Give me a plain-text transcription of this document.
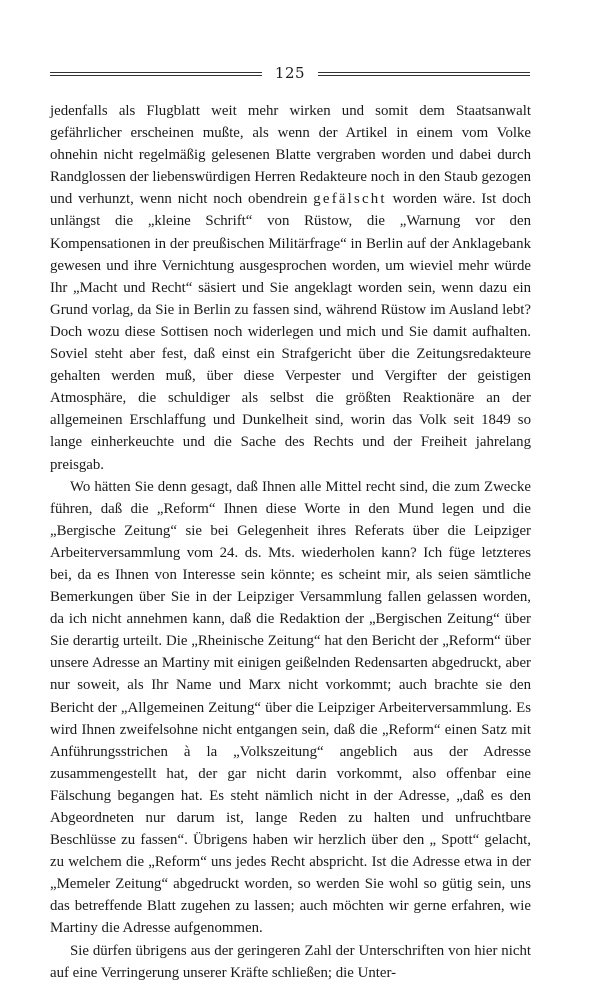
125

jedenfalls als Flugblatt weit mehr wirken und somit dem Staatsanwalt gefährlicher erscheinen mußte, als wenn der Artikel in einem vom Volke ohnehin nicht regelmäßig gelesenen Blatte vergraben worden und dabei durch Randglossen der liebenswürdigen Herren Redakteure noch in den Staub gezogen und verhunzt, wenn nicht noch obendrein gefälscht worden wäre. Ist doch unlängst die „kleine Schrift“ von Rüstow, die „Warnung vor den Kompensationen in der preußischen Militärfrage“ in Berlin auf der Anklagebank gewesen und ihre Vernichtung ausgesprochen worden, um wieviel mehr würde Ihr „Macht und Recht“ säsiert und Sie angeklagt worden sein, wenn dazu ein Grund vorlag, da Sie in Berlin zu fassen sind, während Rüstow im Ausland lebt? Doch wozu diese Sottisen noch widerlegen und mich und Sie damit aufhalten. Soviel steht aber fest, daß einst ein Strafgericht über die Zeitungsredakteure gehalten werden muß, über diese Verpester und Vergifter der geistigen Atmosphäre, die schuldiger als selbst die größten Reaktionäre an der allgemeinen Erschlaffung und Dunkelheit sind, worin das Volk seit 1849 so lange einherkeuchte und die Sache des Rechts und der Freiheit jahrelang preisgab.

Wo hätten Sie denn gesagt, daß Ihnen alle Mittel recht sind, die zum Zwecke führen, daß die „Reform“ Ihnen diese Worte in den Mund legen und die „Bergische Zeitung“ sie bei Gelegenheit ihres Referats über die Leipziger Arbeiterversammlung vom 24. ds. Mts. wiederholen kann? Ich füge letzteres bei, da es Ihnen von Interesse sein könnte; es scheint mir, als seien sämtliche Bemerkungen über Sie in der Leipziger Versammlung fallen gelassen worden, da ich nicht annehmen kann, daß die Redaktion der „Bergischen Zeitung“ über Sie derartig urteilt. Die „Rheinische Zeitung“ hat den Bericht der „Reform“ über unsere Adresse an Martiny mit einigen geißelnden Redensarten abgedruckt, aber nur soweit, als Ihr Name und Marx nicht vorkommt; auch brachte sie den Bericht der „Allgemeinen Zeitung“ über die Leipziger Arbeiterversammlung. Es wird Ihnen zweifelsohne nicht entgangen sein, daß die „Reform“ einen Satz mit Anführungsstrichen à la „Volkszeitung“ angeblich aus der Adresse zusammengestellt hat, der gar nicht darin vorkommt, also offenbar eine Fälschung begangen hat. Es steht nämlich nicht in der Adresse, „daß es den Abgeordneten nur darum ist, lange Reden zu halten und unfruchtbare Beschlüsse zu fassen“. Übrigens haben wir herzlich über den „ Spott“ gelacht, zu welchem die „Reform“ uns jedes Recht abspricht. Ist die Adresse etwa in der „Memeler Zeitung“ abgedruckt worden, so werden Sie wohl so gütig sein, uns das betreffende Blatt zugehen zu lassen; auch möchten wir gerne erfahren, wie Martiny die Adresse aufgenommen.

Sie dürfen übrigens aus der geringeren Zahl der Unterschriften von hier nicht auf eine Verringerung unserer Kräfte schließen; die Unter-
